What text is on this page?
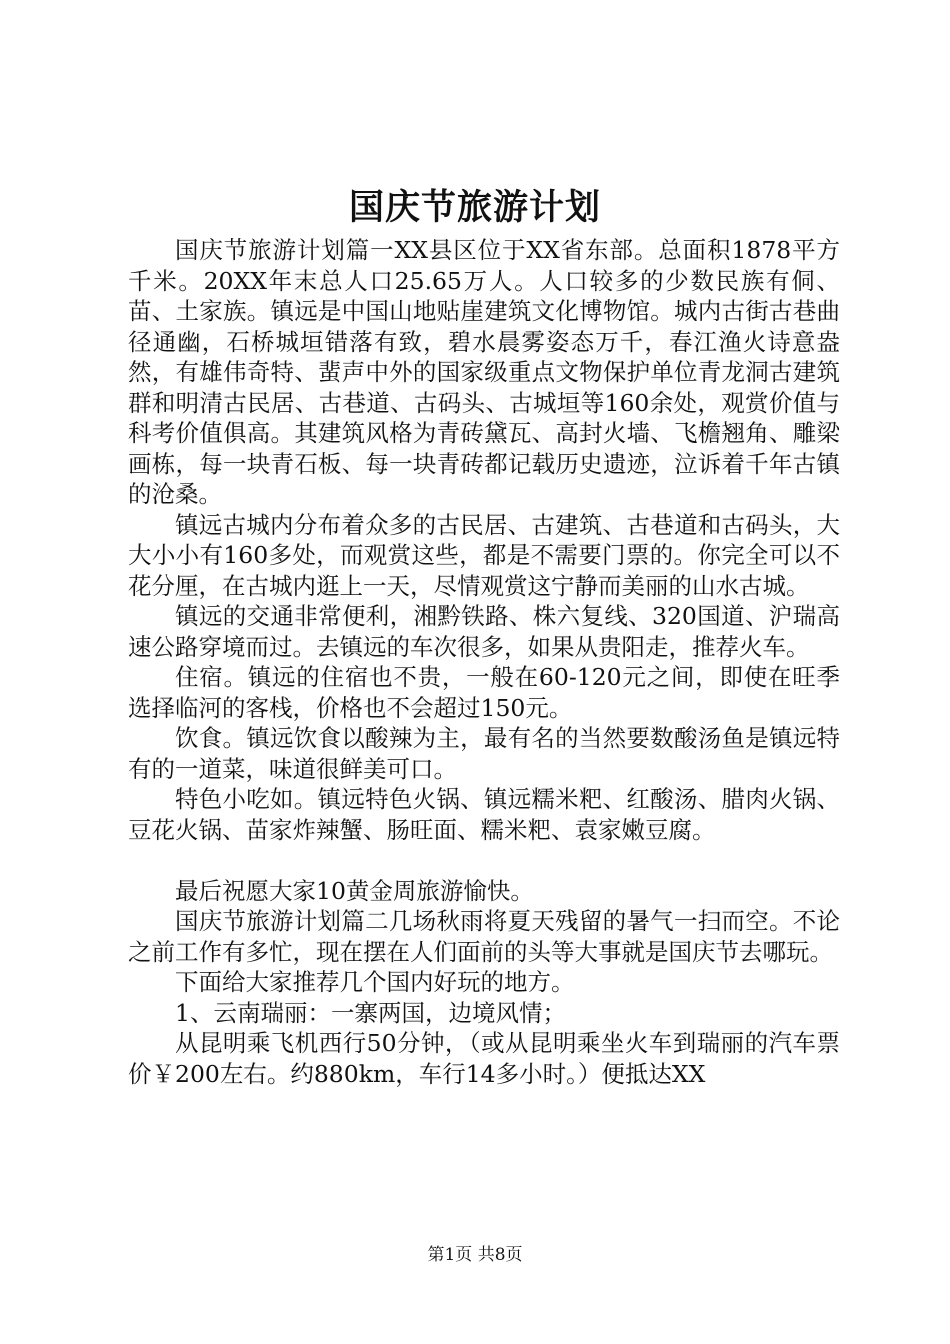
国庆节旅游计划

国庆节旅游计划篇一XX县区位于XX省东部。总面积1878平方千米。20XX年末总人口25.65万人。人口较多的少数民族有侗、苗、土家族。镇远是中国山地贴崖建筑文化博物馆。城内古街古巷曲径通幽，石桥城垣错落有致，碧水晨雾姿态万千，春江渔火诗意盎然，有雄伟奇特、蜚声中外的国家级重点文物保护单位青龙洞古建筑群和明清古民居、古巷道、古码头、古城垣等160余处，观赏价值与科考价值俱高。其建筑风格为青砖黛瓦、高封火墙、飞檐翘角、雕梁画栋，每一块青石板、每一块青砖都记载历史遗迹，泣诉着千年古镇的沧桑。

镇远古城内分布着众多的古民居、古建筑、古巷道和古码头，大大小小有160多处，而观赏这些，都是不需要门票的。你完全可以不花分厘，在古城内逛上一天，尽情观赏这宁静而美丽的山水古城。

镇远的交通非常便利，湘黔铁路、株六复线、320国道、沪瑞高速公路穿境而过。去镇远的车次很多，如果从贵阳走，推荐火车。

住宿。镇远的住宿也不贵，一般在60-120元之间，即使在旺季选择临河的客栈，价格也不会超过150元。

饮食。镇远饮食以酸辣为主，最有名的当然要数酸汤鱼是镇远特有的一道菜，味道很鲜美可口。

特色小吃如。镇远特色火锅、镇远糯米粑、红酸汤、腊肉火锅、豆花火锅、苗家炸辣蟹、肠旺面、糯米粑、袁家嫩豆腐。

最后祝愿大家10黄金周旅游愉快。

国庆节旅游计划篇二几场秋雨将夏天残留的暑气一扫而空。不论之前工作有多忙，现在摆在人们面前的头等大事就是国庆节去哪玩。

下面给大家推荐几个国内好玩的地方。

1、云南瑞丽：一寨两国，边境风情；

从昆明乘飞机西行50分钟，（或从昆明乘坐火车到瑞丽的汽车票价￥200左右。约880km，车行14多小时。）便抵达XX

第1页 共8页
